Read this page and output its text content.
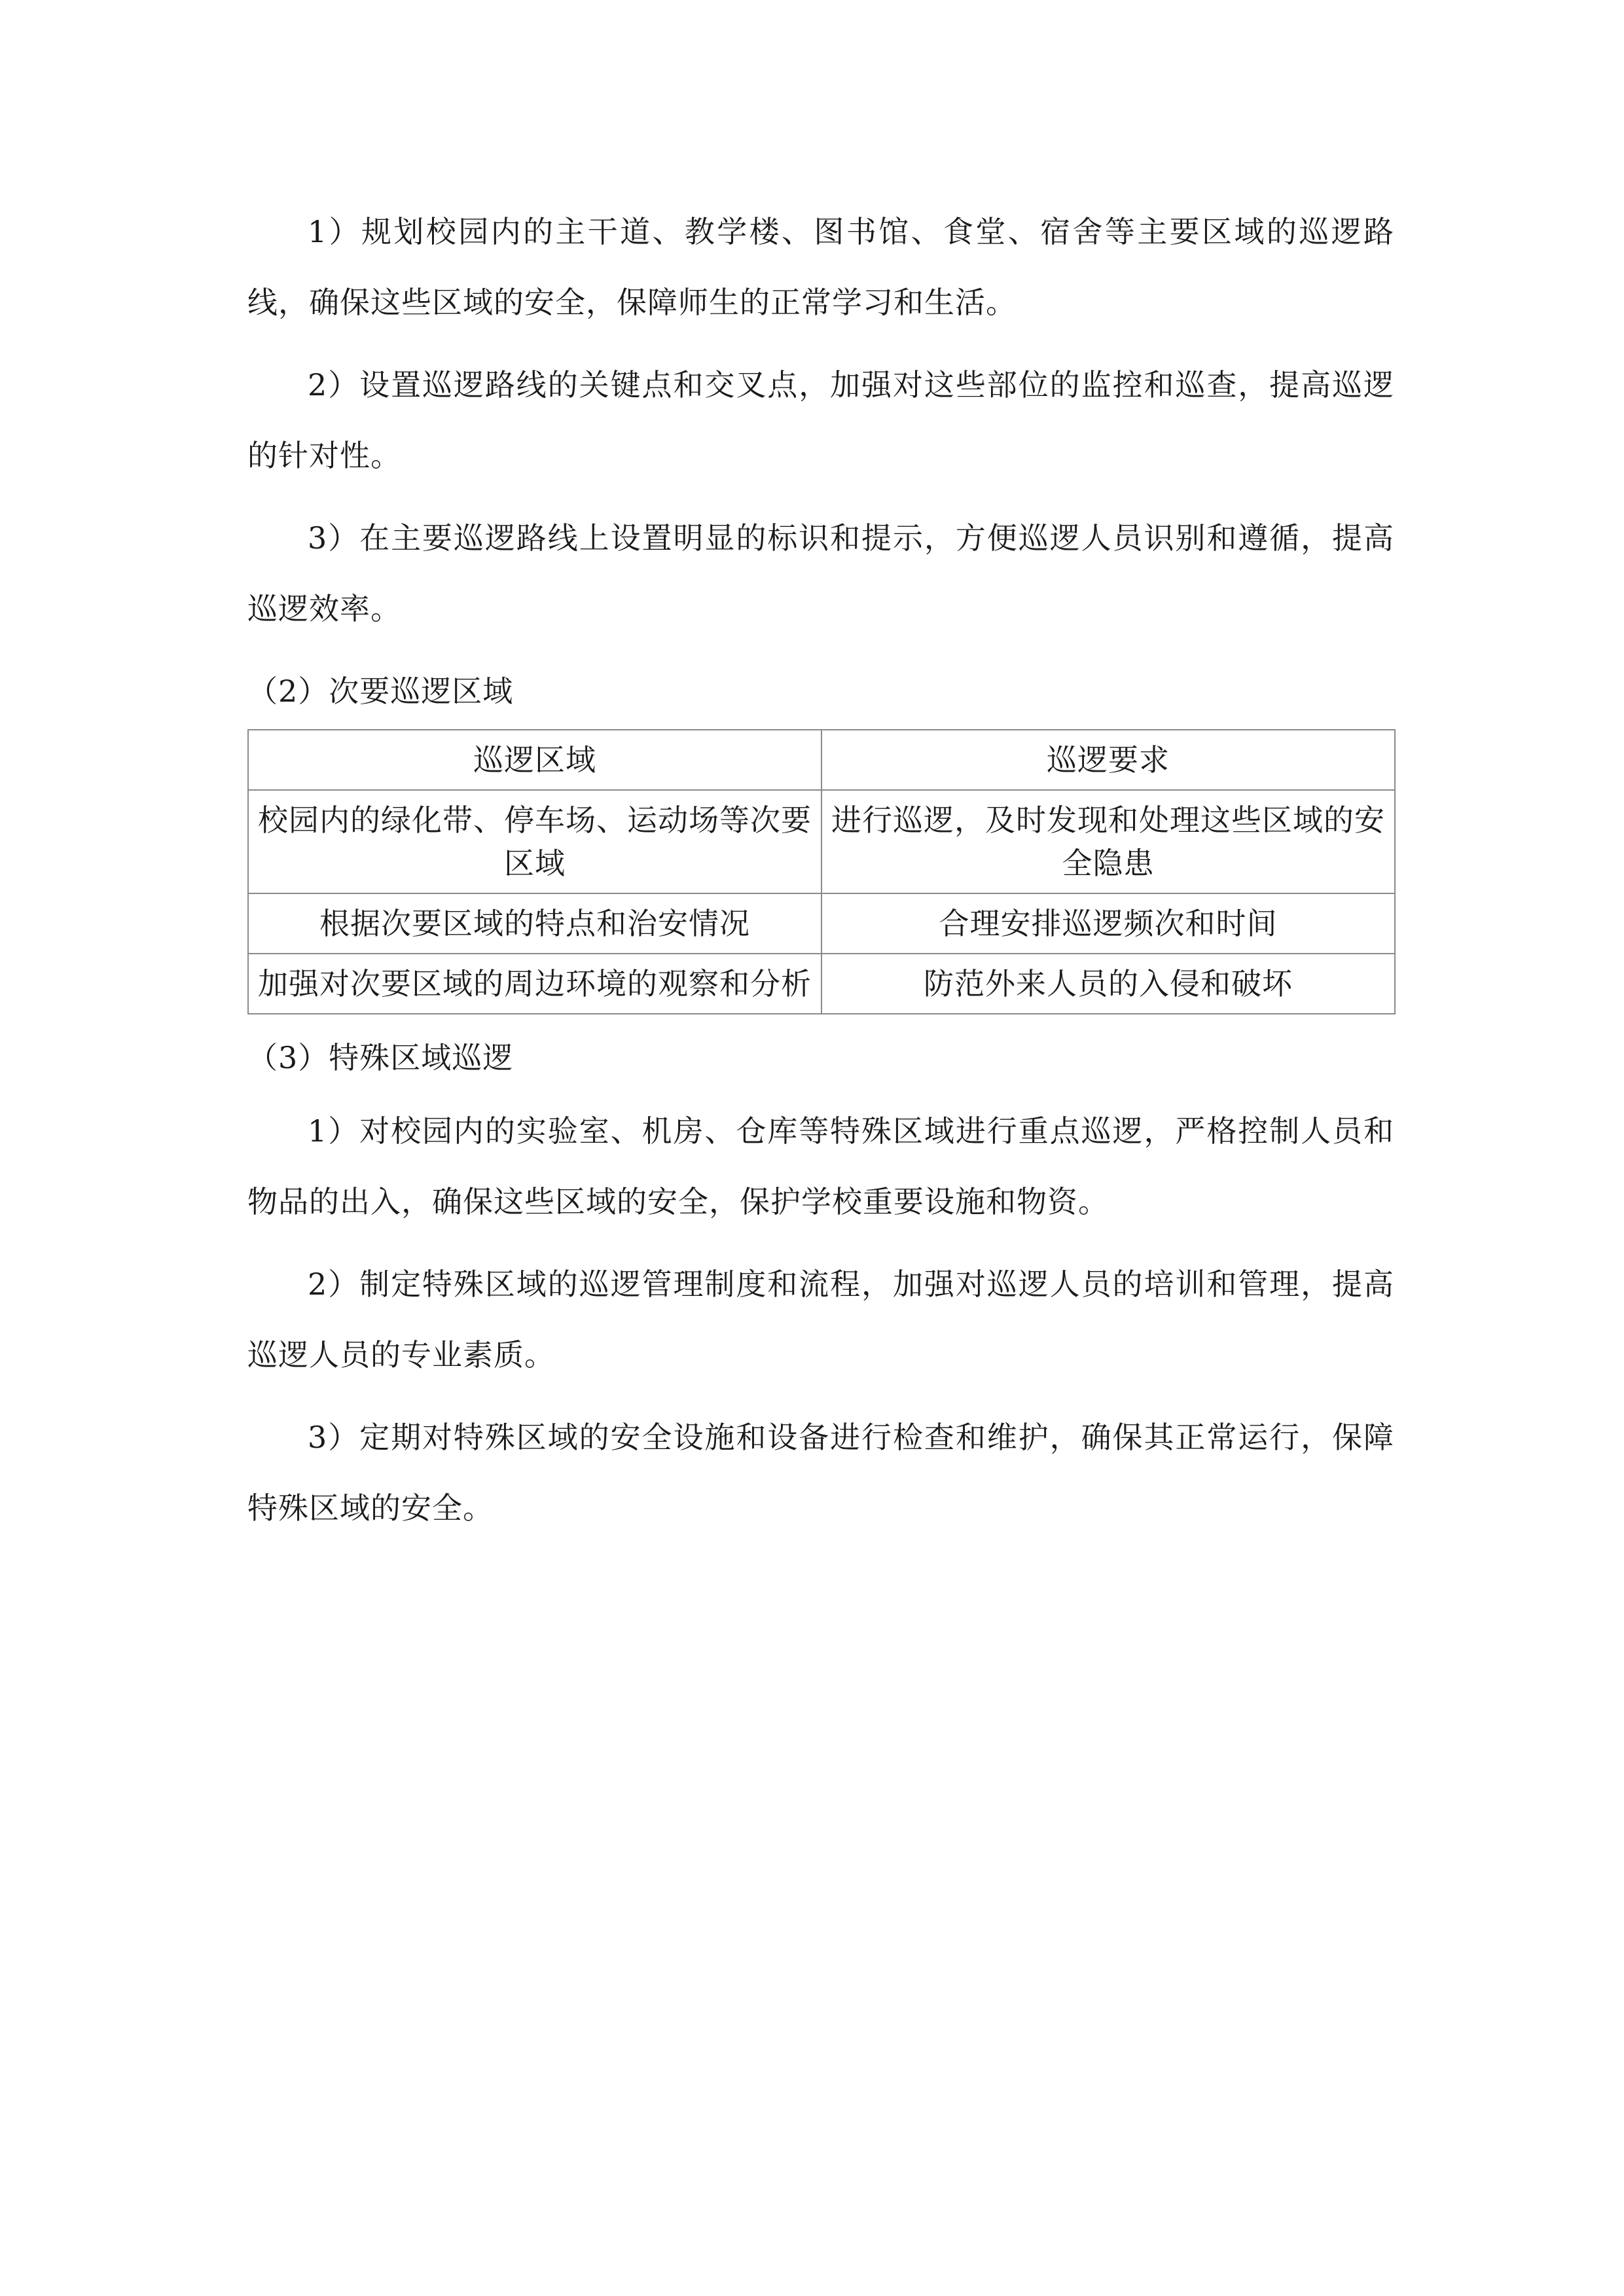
1）规划校园内的主干道、教学楼、图书馆、食堂、宿舍等主要区域的巡逻路线，确保这些区域的安全，保障师生的正常学习和生活。

2）设置巡逻路线的关键点和交叉点，加强对这些部位的监控和巡查，提高巡逻的针对性。

3）在主要巡逻路线上设置明显的标识和提示，方便巡逻人员识别和遵循，提高巡逻效率。

（2）次要巡逻区域
巡逻区域	巡逻要求
校园内的绿化带、停车场、运动场等次要区域	进行巡逻，及时发现和处理这些区域的安全隐患
根据次要区域的特点和治安情况	合理安排巡逻频次和时间
加强对次要区域的周边环境的观察和分析	防范外来人员的入侵和破坏
（3）特殊区域巡逻

1）对校园内的实验室、机房、仓库等特殊区域进行重点巡逻，严格控制人员和物品的出入，确保这些区域的安全，保护学校重要设施和物资。

2）制定特殊区域的巡逻管理制度和流程，加强对巡逻人员的培训和管理，提高巡逻人员的专业素质。

3）定期对特殊区域的安全设施和设备进行检查和维护，确保其正常运行，保障特殊区域的安全。
